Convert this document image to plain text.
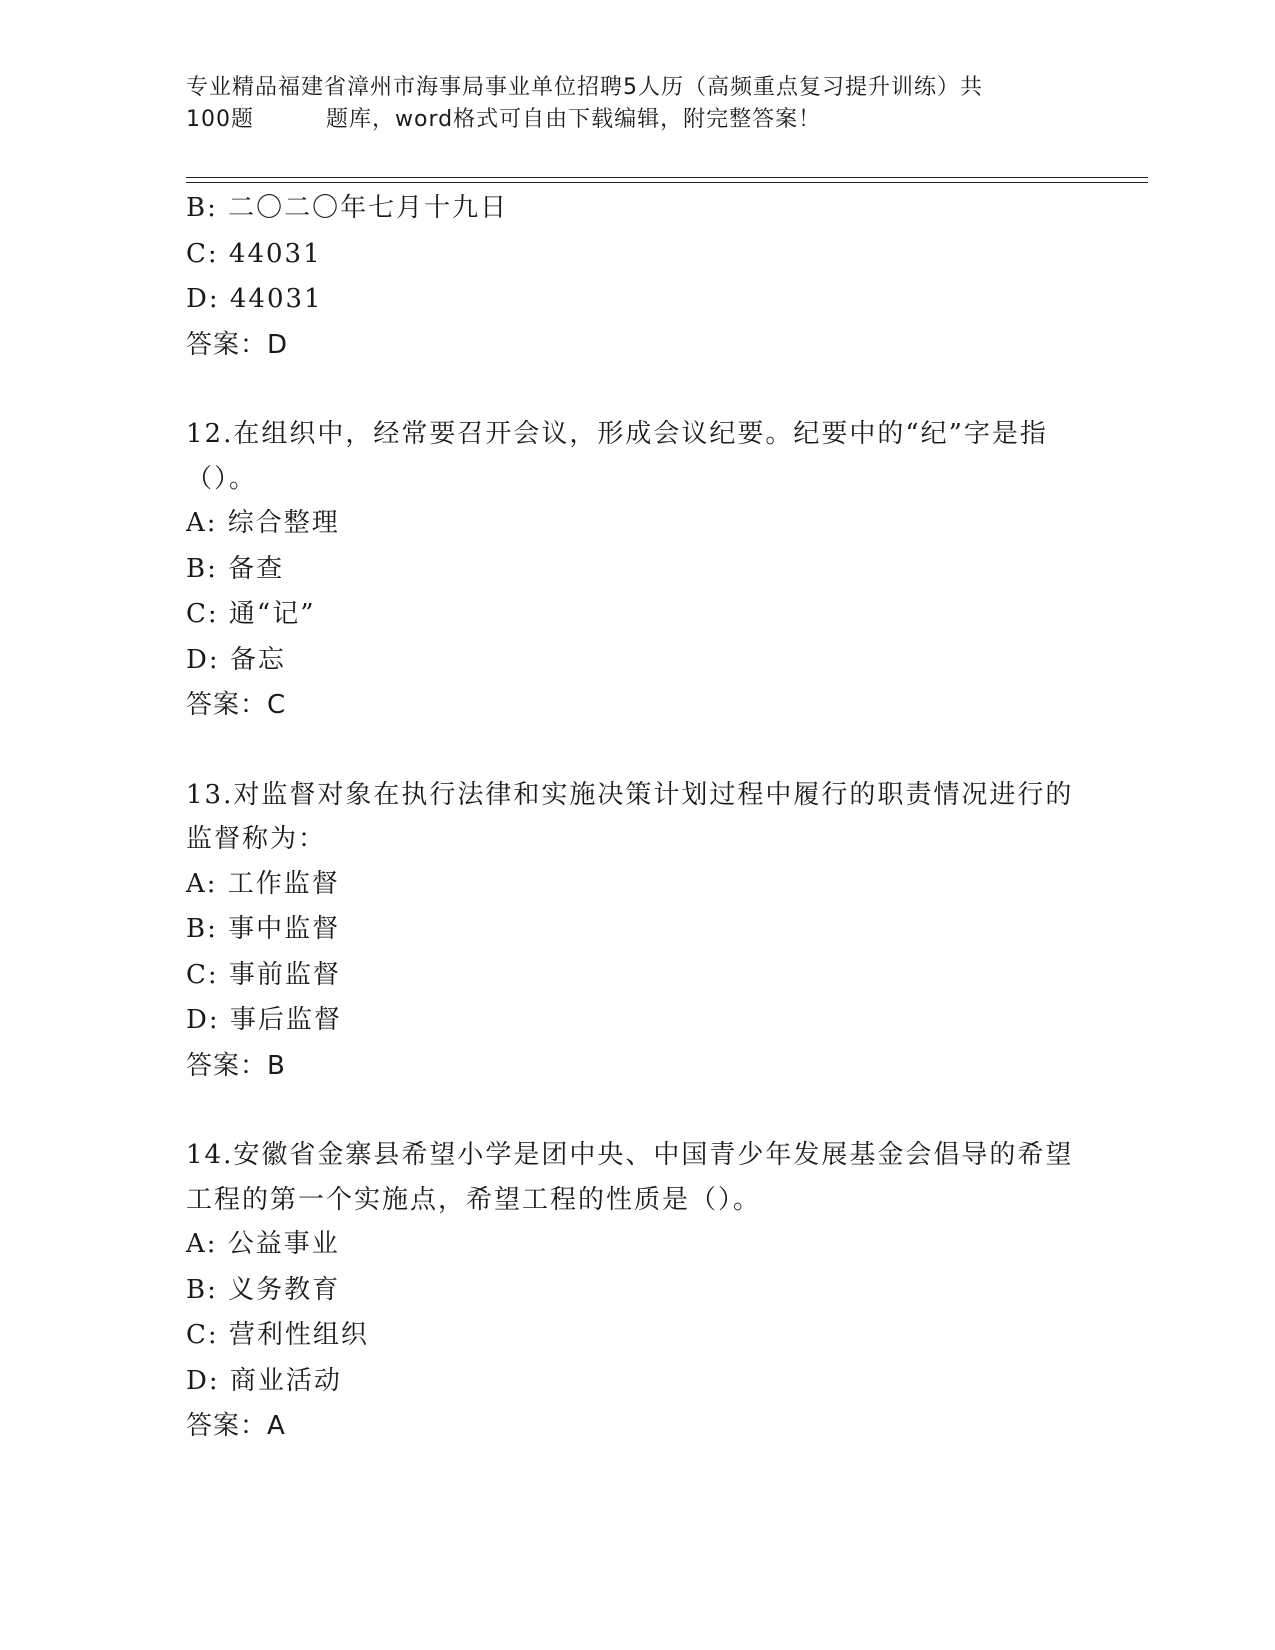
专业精品福建省漳州市海事局事业单位招聘5人历（高频重点复习提升训练）共
100题	题库，word格式可自由下载编辑，附完整答案！
B: 二〇二〇年七月十九日
C: 44031
D: 44031
答案：D
12.在组织中，经常要召开会议，形成会议纪要。纪要中的“纪”字是指（）。
A: 综合整理
B: 备查
C: 通“记”
D: 备忘
答案：C
13.对监督对象在执行法律和实施决策计划过程中履行的职责情况进行的监督称为：
A: 工作监督
B: 事中监督
C: 事前监督
D: 事后监督
答案：B
14.安徽省金寨县希望小学是团中央、中国青少年发展基金会倡导的希望工程的第一个实施点，希望工程的性质是（）。
A: 公益事业
B: 义务教育
C: 营利性组织
D: 商业活动
答案：A
